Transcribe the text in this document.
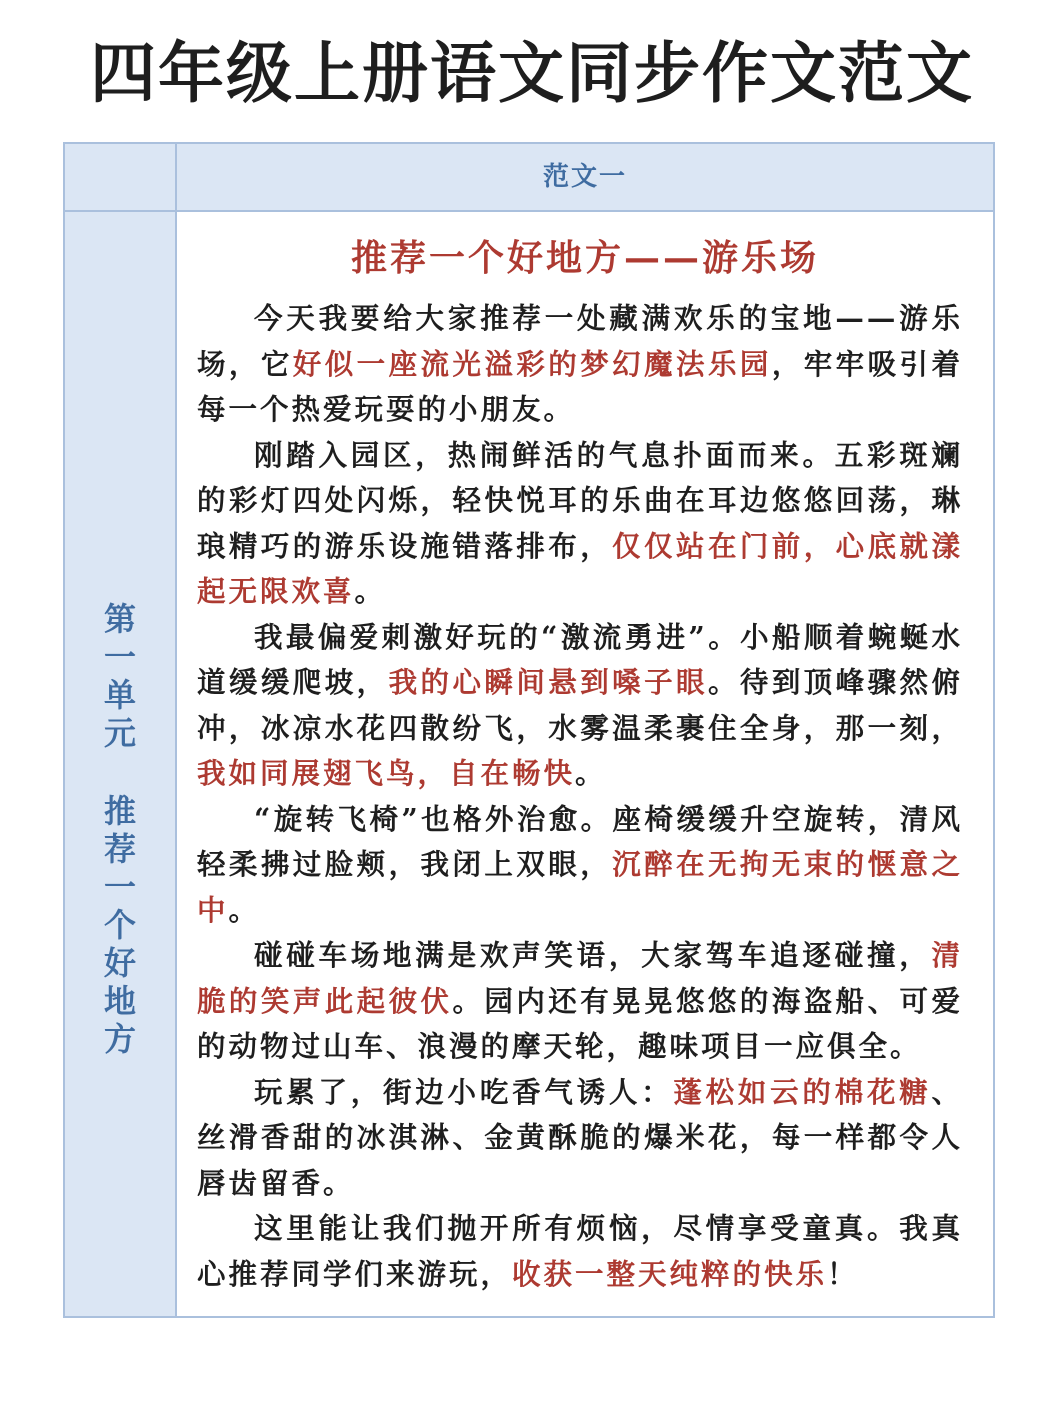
四年级上册语文同步作文范文
范文一
第
一
单
元
推
荐
一
个
好
地
方
推荐一个好地方——游乐场

今天我要给大家推荐一处藏满欢乐的宝地——游乐场，它好似一座流光溢彩的梦幻魔法乐园，牢牢吸引着每一个热爱玩耍的小朋友。

刚踏入园区，热闹鲜活的气息扑面而来。五彩斑斓的彩灯四处闪烁，轻快悦耳的乐曲在耳边悠悠回荡，琳琅精巧的游乐设施错落排布，仅仅站在门前，心底就漾起无限欢喜。

我最偏爱刺激好玩的“激流勇进”。小船顺着蜿蜒水道缓缓爬坡，我的心瞬间悬到嗓子眼。待到顶峰骤然俯冲，冰凉水花四散纷飞，水雾温柔裹住全身，那一刻，我如同展翅飞鸟，自在畅快。

“旋转飞椅”也格外治愈。座椅缓缓升空旋转，清风轻柔拂过脸颊，我闭上双眼，沉醉在无拘无束的惬意之中。

碰碰车场地满是欢声笑语，大家驾车追逐碰撞，清脆的笑声此起彼伏。园内还有晃晃悠悠的海盗船、可爱的动物过山车、浪漫的摩天轮，趣味项目一应俱全。

玩累了，街边小吃香气诱人：蓬松如云的棉花糖、丝滑香甜的冰淇淋、金黄酥脆的爆米花，每一样都令人唇齿留香。

这里能让我们抛开所有烦恼，尽情享受童真。我真心推荐同学们来游玩，收获一整天纯粹的快乐！
